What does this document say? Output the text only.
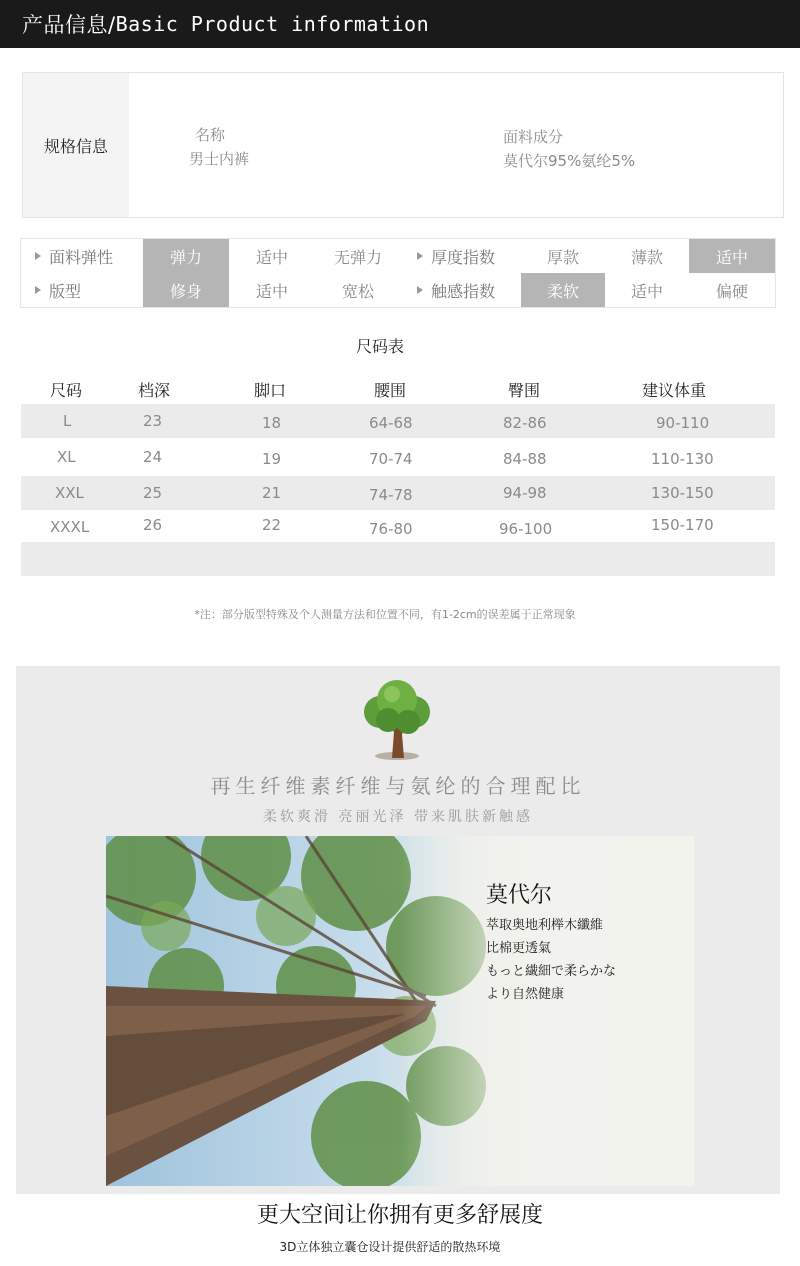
产品信息/ Basic Product information
规格信息
名称
男士内裤
面料成分
莫代尔95%氨纶5%
面料弹性	弹力	适中	无弹力	厚度指数	厚款	薄款	适中
版型	修身	适中	宽松	触感指数	柔软	适中	偏硬
尺码表
尺码	档深	脚口	腰围	臀围	建议体重
L	23	18	64-68	82-86	90-110
XL	24	19	70-74	84-88	110-130
XXL	25	21	74-78	94-98	130-150
XXXL	26	22	76-80	96-100	150-170
*注：部分版型特殊及个人测量方法和位置不同，有1-2cm的误差属于正常现象
再生纤维素纤维与氨纶的合理配比
柔软爽滑 亮丽光泽 带来肌肤新触感
莫代尔
萃取奥地利榉木纖維
比棉更透氣
もっと繊細で柔らかな
より自然健康
更大空间让你拥有更多舒展度
3D立体独立囊仓设计提供舒适的散热环境
